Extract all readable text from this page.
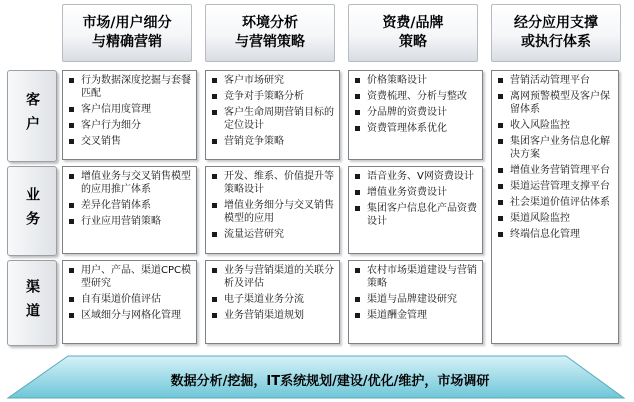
市场/用户细分
与精确营销
环境分析
与营销策略
资费/品牌
策略
经分应用支撑
或执行体系
客户
业务
渠道
行为数据深度挖掘与套餐匹配
客户信用度管理
客户行为细分
交叉销售
客户市场研究
竞争对手策略分析
客户生命周期营销目标的定位设计
营销竞争策略
价格策略设计
资费梳理、分析与整改
分品牌的资费设计
资费管理体系优化
增值业务与交叉销售模型的应用推广体系
差异化营销体系
行业应用营销策略
开发、维系、价值提升等策略设计
增值业务细分与交叉销售模型的应用
流量运营研究
语音业务、V网资费设计
增值业务资费设计
集团客户信息化产品资费设计
用户、产品、渠道CPC模型研究
自有渠道价值评估
区域细分与网格化管理
业务与营销渠道的关联分析及评估
电子渠道业务分流
业务营销渠道规划
农村市场渠道建设与营销策略
渠道与品牌建设研究
渠道酬金管理
营销活动管理平台
离网预警模型及客户保留体系
收入风险监控
集团客户业务信息化解决方案
增值业务营销管理平台
渠道运营管理支撑平台
社会渠道价值评估体系
渠道风险监控
终端信息化管理
数据分析/挖掘，IT系统规划/建设/优化/维护，市场调研
